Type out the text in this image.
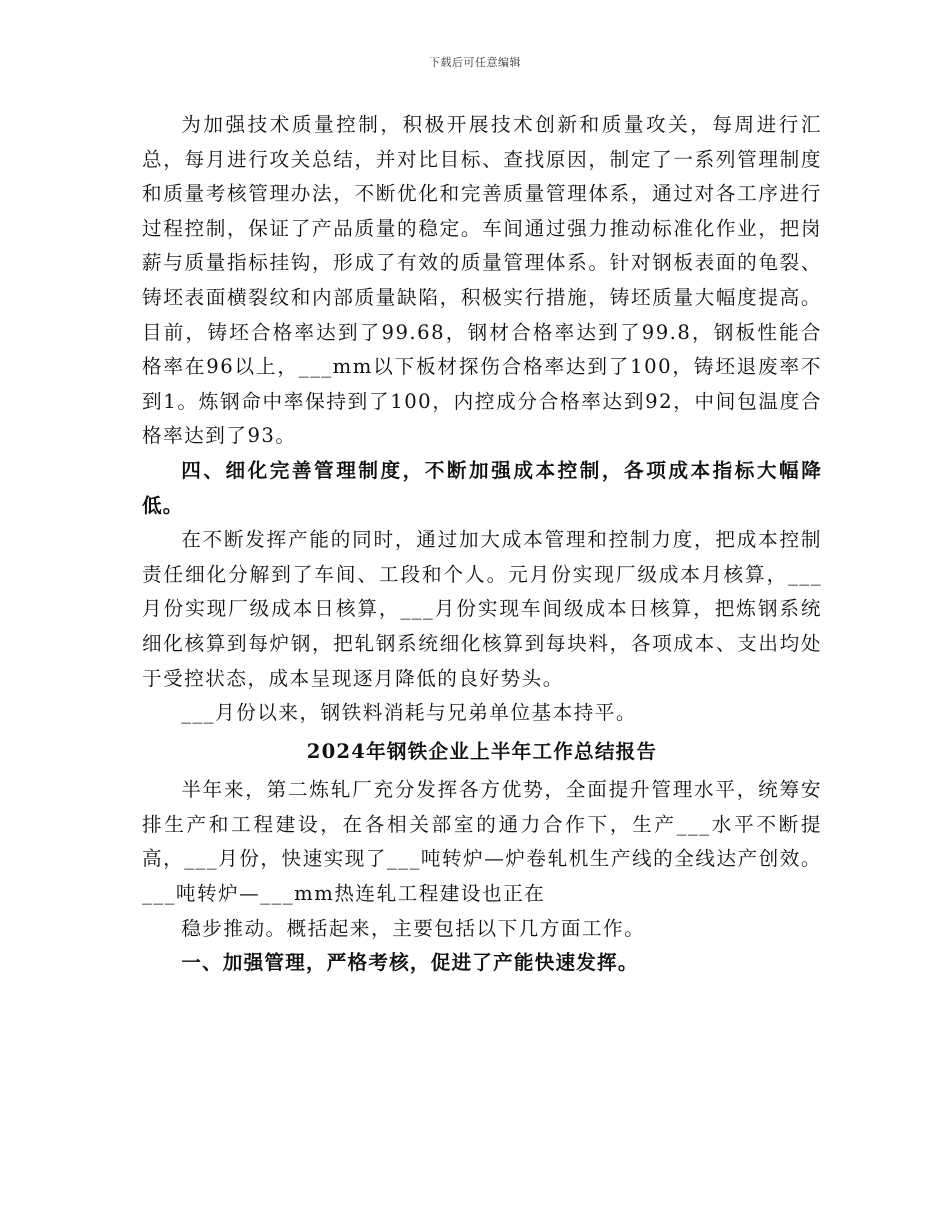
下载后可任意编辑

为加强技术质量控制，积极开展技术创新和质量攻关，每周进行汇总，每月进行攻关总结，并对比目标、查找原因，制定了一系列管理制度和质量考核管理办法，不断优化和完善质量管理体系，通过对各工序进行过程控制，保证了产品质量的稳定。车间通过强力推动标准化作业，把岗薪与质量指标挂钩，形成了有效的质量管理体系。针对钢板表面的龟裂、铸坯表面横裂纹和内部质量缺陷，积极实行措施，铸坯质量大幅度提高。目前，铸坯合格率达到了99.68，钢材合格率达到了99.8，钢板性能合格率在96以上，___mm以下板材探伤合格率达到了100，铸坯退废率不到1。炼钢命中率保持到了100，内控成分合格率达到92，中间包温度合格率达到了93。

四、细化完善管理制度，不断加强成本控制，各项成本指标大幅降低。

在不断发挥产能的同时，通过加大成本管理和控制力度，把成本控制责任细化分解到了车间、工段和个人。元月份实现厂级成本月核算，___月份实现厂级成本日核算，___月份实现车间级成本日核算，把炼钢系统细化核算到每炉钢，把轧钢系统细化核算到每块料，各项成本、支出均处于受控状态，成本呈现逐月降低的良好势头。

___月份以来，钢铁料消耗与兄弟单位基本持平。

2024年钢铁企业上半年工作总结报告

半年来，第二炼轧厂充分发挥各方优势，全面提升管理水平，统筹安排生产和工程建设，在各相关部室的通力合作下，生产___水平不断提高，___月份，快速实现了___吨转炉—炉卷轧机生产线的全线达产创效。___吨转炉—___mm热连轧工程建设也正在

稳步推动。概括起来，主要包括以下几方面工作。

一、加强管理，严格考核，促进了产能快速发挥。
